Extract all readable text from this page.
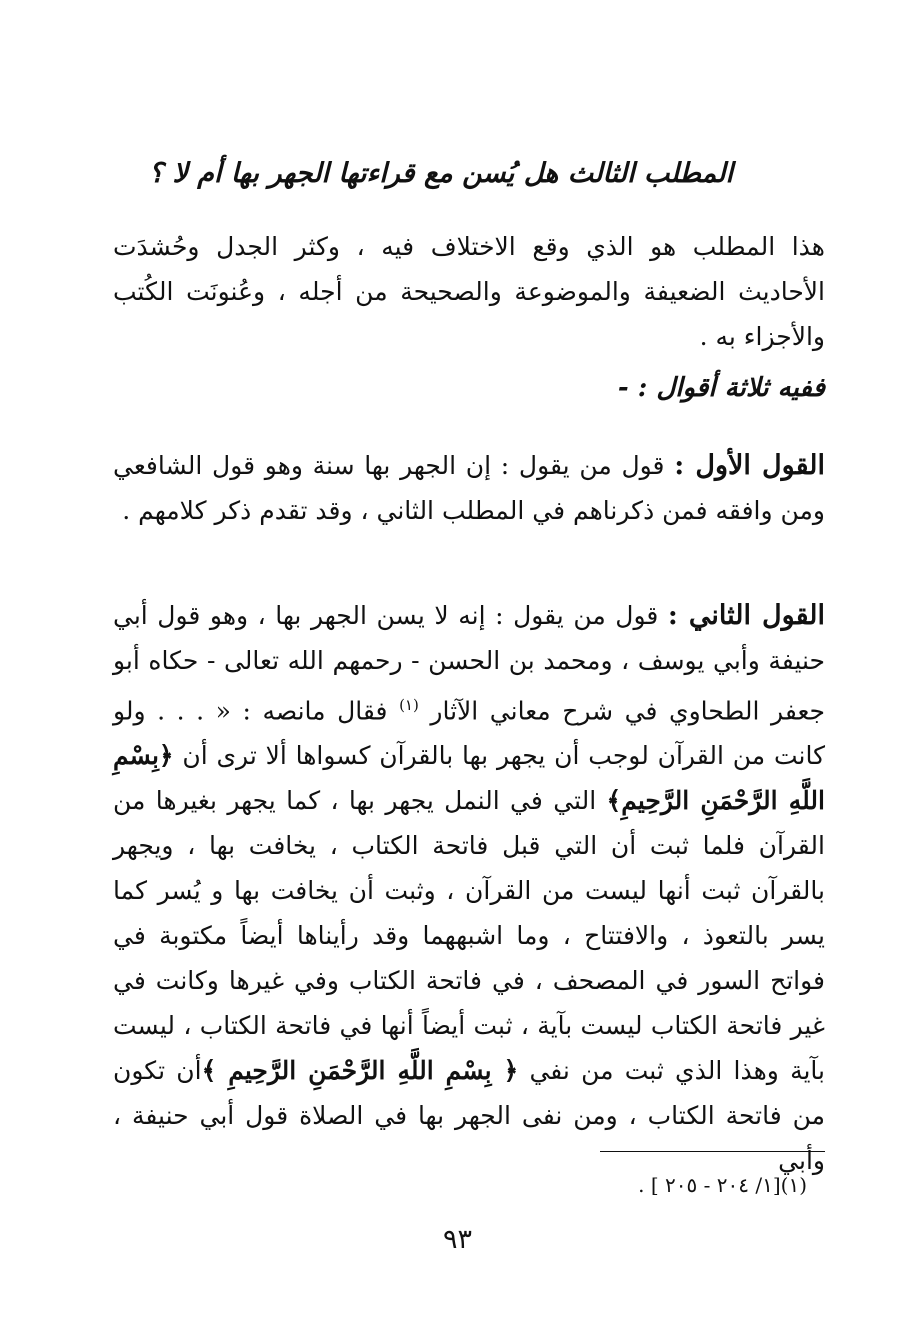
المطلب الثالث هل يُسن مع قراءتها الجهر بها أم لا ؟

هذا المطلب هو الذي وقع الاختلاف فيه ، وكثر الجدل وحُشدَت الأحاديث الضعيفة والموضوعة والصحيحة من أجله ، وعُنونَت الكُتب والأجزاء به .

ففيه ثلاثة أقوال : -

القول الأول : قول من يقول : إن الجهر بها سنة وهو قول الشافعي ومن وافقه فمن ذكرناهم في المطلب الثاني ، وقد تقدم ذكر كلامهم .

القول الثاني : قول من يقول : إنه لا يسن الجهر بها ، وهو قول أبي حنيفة وأبي يوسف ، ومحمد بن الحسن - رحمهم الله تعالى - حكاه أبو جعفر الطحاوي في شرح معاني الآثار $^{(١)}$ فقال مانصه : « . . . ولو كانت من القرآن لوجب أن يجهر بها بالقرآن كسواها ألا ترى أن ﴿بِسْمِ اللَّهِ الرَّحْمَنِ الرَّحِيمِ﴾ التي في النمل يجهر بها ، كما يجهر بغيرها من القرآن فلما ثبت أن التي قبل فاتحة الكتاب ، يخافت بها ، ويجهر بالقرآن ثبت أنها ليست من القرآن ، وثبت أن يخافت بها و يُسر كما يسر بالتعوذ ، والافتتاح ، وما اشبههما وقد رأيناها أيضاً مكتوبة في فواتح السور في المصحف ، في فاتحة الكتاب وفي غيرها وكانت في غير فاتحة الكتاب ليست بآية ، ثبت أيضاً أنها في فاتحة الكتاب ، ليست بآية وهذا الذي ثبت من نفي ﴿ بِسْمِ اللَّهِ الرَّحْمَنِ الرَّحِيمِ ﴾أن تكون من فاتحة الكتاب ، ومن نفى الجهر بها في الصلاة قول أبي حنيفة ، وأبي

(١)[١/ ٢٠٤ - ٢٠٥ ] .
٩٣
